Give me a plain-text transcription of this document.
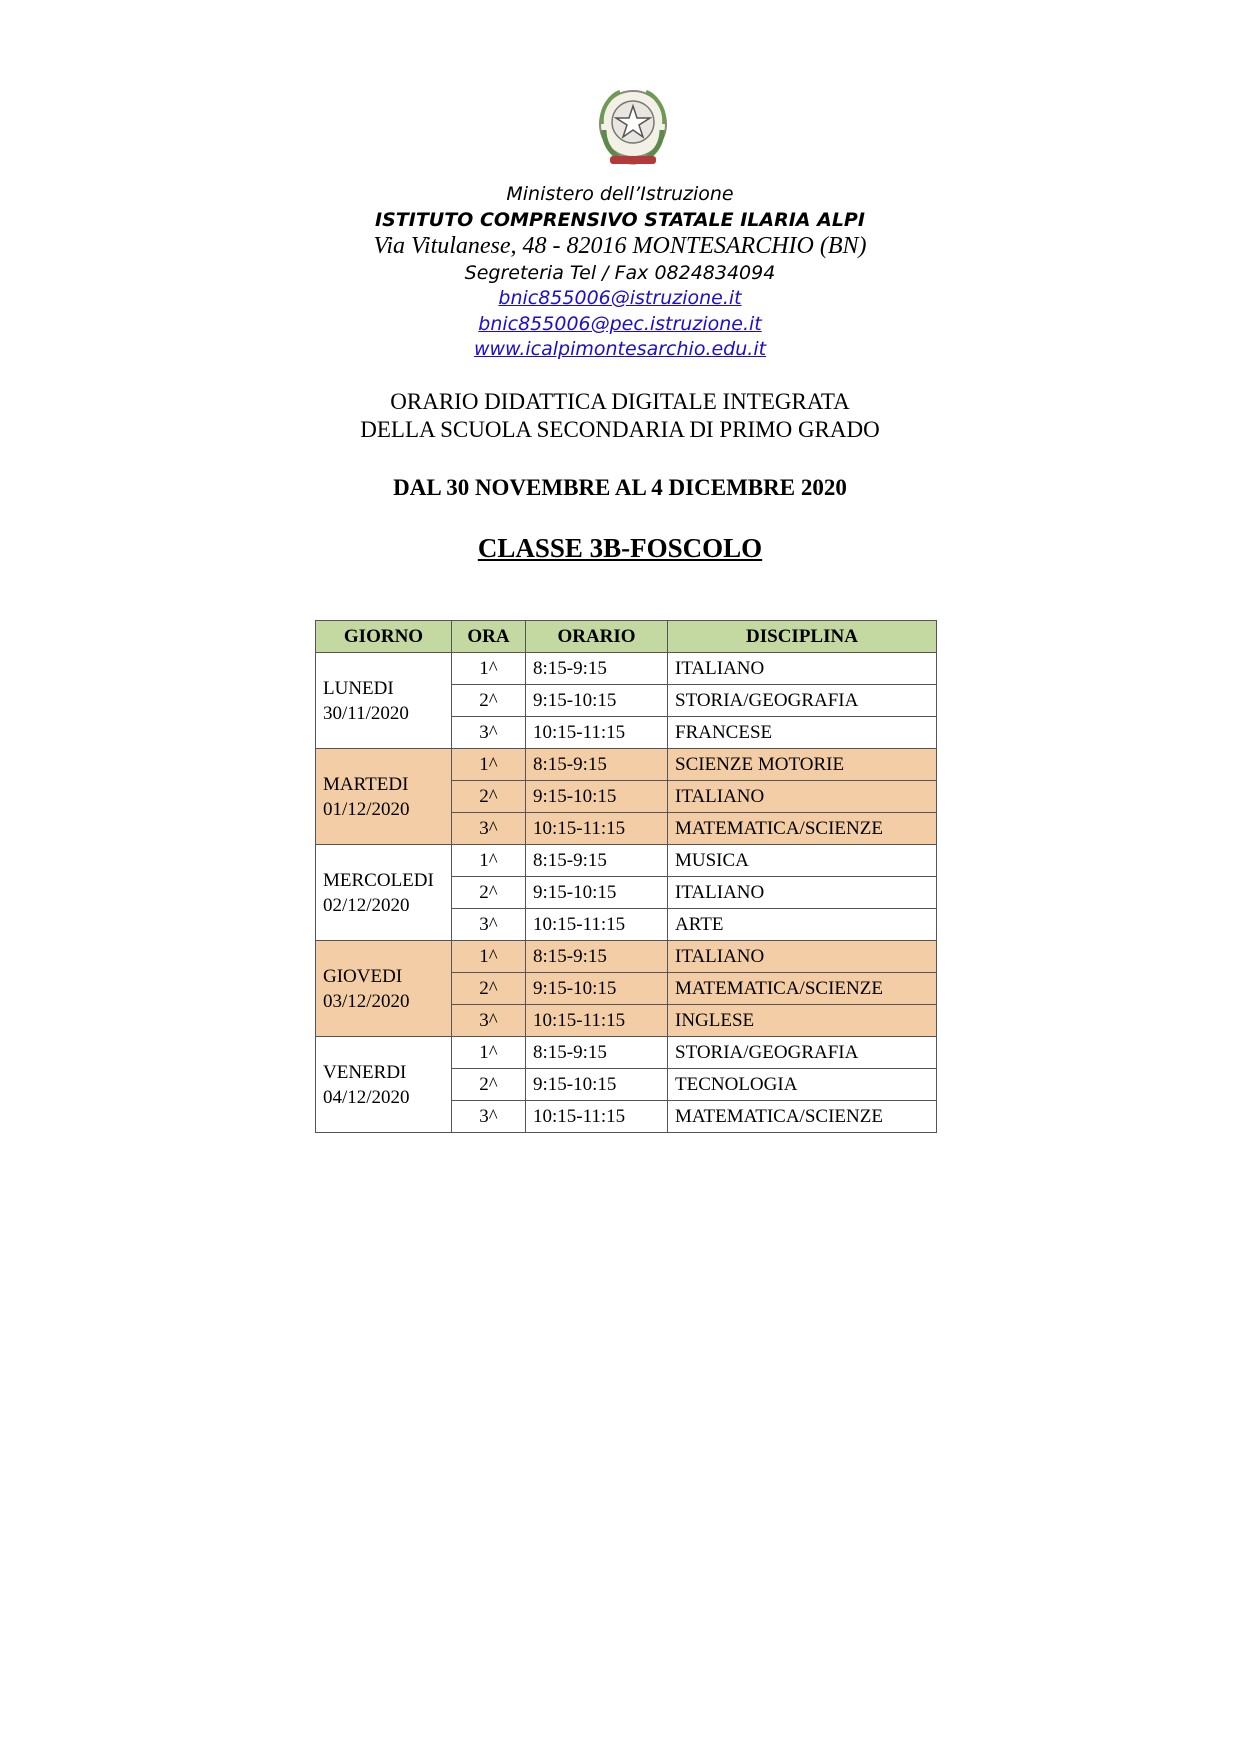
Ministero dell’Istruzione
ISTITUTO COMPRENSIVO STATALE ILARIA ALPI
Via Vitulanese, 48 - 82016 MONTESARCHIO (BN)
Segreteria Tel / Fax 0824834094
bnic855006@istruzione.it
bnic855006@pec.istruzione.it
www.icalpimontesarchio.edu.it
ORARIO DIDATTICA DIGITALE INTEGRATA
DELLA SCUOLA SECONDARIA DI PRIMO GRADO
DAL 30 NOVEMBRE AL 4 DICEMBRE 2020
CLASSE 3B-FOSCOLO
GIORNO	ORA	ORARIO	DISCIPLINA

LUNEDI
30/11/2020	1^	8:15-9:15	ITALIANO
	2^	9:15-10:15	STORIA/GEOGRAFIA
	3^	10:15-11:15	FRANCESE

MARTEDI
01/12/2020	1^	8:15-9:15	SCIENZE MOTORIE
	2^	9:15-10:15	ITALIANO
	3^	10:15-11:15	MATEMATICA/SCIENZE

MERCOLEDI
02/12/2020	1^	8:15-9:15	MUSICA
	2^	9:15-10:15	ITALIANO
	3^	10:15-11:15	ARTE

GIOVEDI
03/12/2020	1^	8:15-9:15	ITALIANO
	2^	9:15-10:15	MATEMATICA/SCIENZE
	3^	10:15-11:15	INGLESE

VENERDI
04/12/2020	1^	8:15-9:15	STORIA/GEOGRAFIA
	2^	9:15-10:15	TECNOLOGIA
	3^	10:15-11:15	MATEMATICA/SCIENZE
